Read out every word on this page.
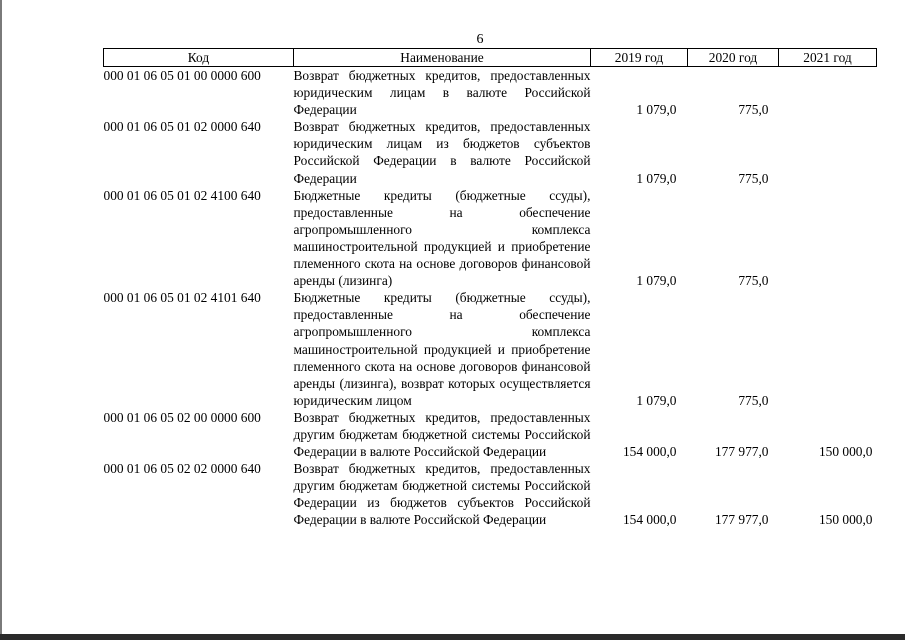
6
Код	Наименование	2019 год	2020 год	2021 год
000 01 06 05 01 00 0000 600	Возврат бюджетных кредитов, предоставленных юридическим лицам в валюте Российской Федерации	1 079,0	775,0	
000 01 06 05 01 02 0000 640	Возврат бюджетных кредитов, предоставленных юридическим лицам из бюджетов субъектов Российской Федерации в валюте Российской Федерации	1 079,0	775,0	
000 01 06 05 01 02 4100 640	Бюджетные кредиты (бюджетные ссуды), предоставленные на обеспечение агропромышленного комплекса машиностроительной продукцией и приобретение племенного скота на основе договоров финансовой аренды (лизинга)	1 079,0	775,0	
000 01 06 05 01 02 4101 640	Бюджетные кредиты (бюджетные ссуды), предоставленные на обеспечение агропромышленного комплекса машиностроительной продукцией и приобретение племенного скота на основе договоров финансовой аренды (лизинга), возврат которых осуществляется юридическим лицом	1 079,0	775,0	
000 01 06 05 02 00 0000 600	Возврат бюджетных кредитов, предоставленных другим бюджетам бюджетной системы Российской Федерации в валюте Российской Федерации	154 000,0	177 977,0	150 000,0
000 01 06 05 02 02 0000 640	Возврат бюджетных кредитов, предоставленных другим бюджетам бюджетной системы Российской Федерации из бюджетов субъектов Российской Федерации в валюте Российской Федерации	154 000,0	177 977,0	150 000,0
